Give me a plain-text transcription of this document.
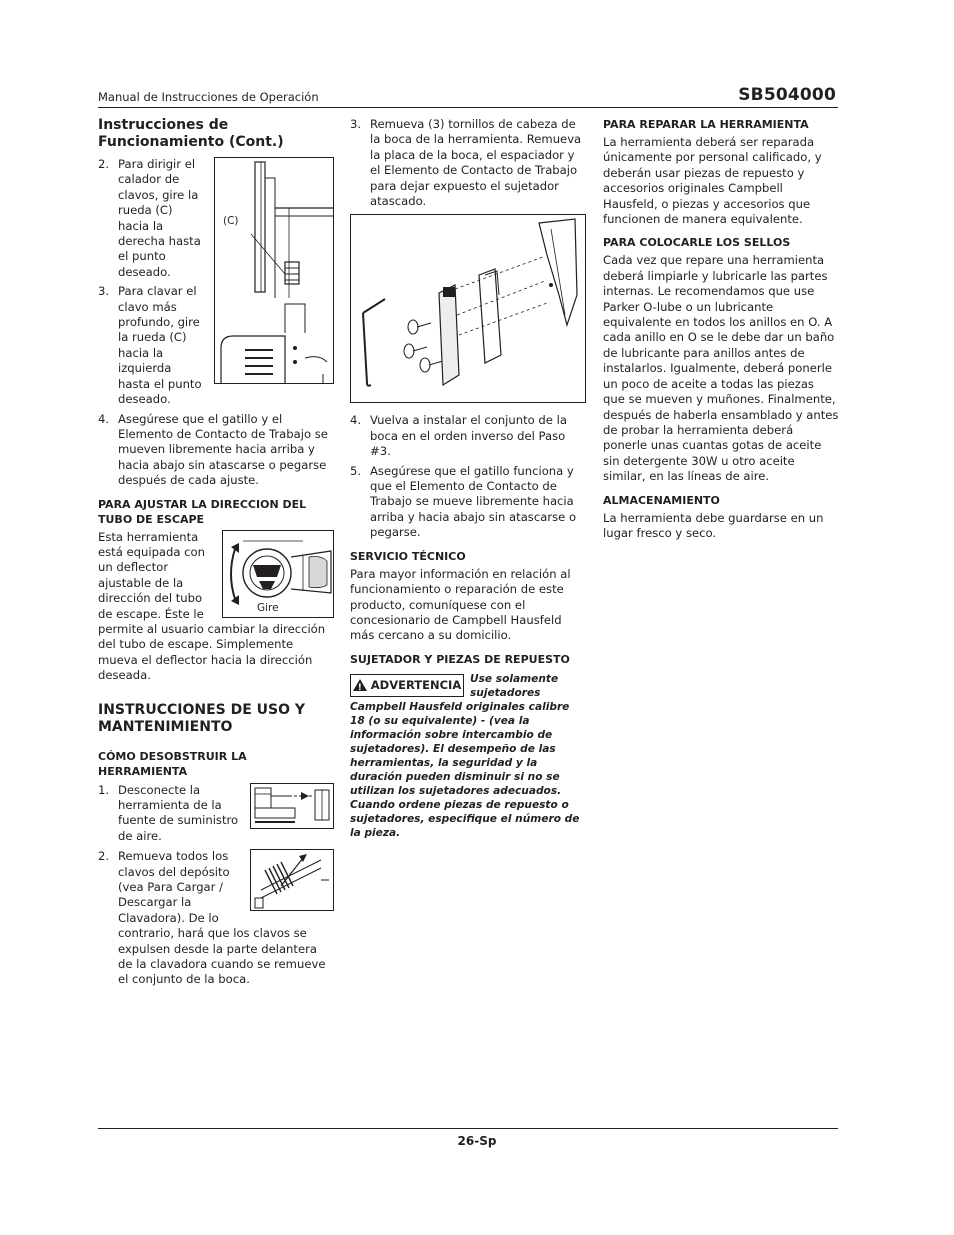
Manual de Instrucciones de Operación	SB504000

Instrucciones de Funcionamiento (Cont.)

(C)
2. Para dirigir el calador de clavos, gire la rueda (C) hacia la derecha hasta el punto deseado.
3. Para clavar el clavo más profundo, gire la rueda (C) hacia la izquierda hasta el punto deseado.
4. Asegúrese que el gatillo y el Elemento de Contacto de Trabajo se mueven libremente hacia arriba y hacia abajo sin atascarse o pegarse después de cada ajuste.

PARA AJUSTAR LA DIRECCION DEL TUBO DE ESCAPE

Gire

Esta herramienta está equipada con un deflector ajustable de la dirección del tubo de escape. Éste le permite al usuario cambiar la dirección del tubo de escape. Simplemente mueva el deflector hacia la dirección deseada.

INSTRUCCIONES DE USO Y MANTENIMIENTO

CÓMO DESOBSTRUIR LA HERRAMIENTA

1. Desconecte la herramienta de la fuente de suministro de aire.
2. Remueva todos los clavos del depósito (vea Para Cargar / Descargar la Clavadora). De lo contrario, hará que los clavos se expulsen desde la parte delantera de la clavadora cuando se remueve el conjunto de la boca.
3. Remueva (3) tornillos de cabeza de la boca de la herramienta. Remueva la placa de la boca, el espaciador y el Elemento de Contacto de Trabajo para dejar expuesto el sujetador atascado.
4. Vuelva a instalar el conjunto de la boca en el orden inverso del Paso #3.
5. Asegúrese que el gatillo funciona y que el Elemento de Contacto de Trabajo se mueve libremente hacia arriba y hacia abajo sin atascarse o pegarse.

SERVICIO TÉCNICO

Para mayor información en relación al funcionamiento o reparación de este producto, comuníquese con el concesionario de Campbell Hausfeld más cercano a su domicilio.

SUJETADOR Y PIEZAS DE REPUESTO

! ADVERTENCIA Use solamente sujetadores Campbell Hausfeld originales calibre 18 (o su equivalente) - (vea la información sobre intercambio de sujetadores). El desempeño de las herramientas, la seguridad y la duración pueden disminuir si no se utilizan los sujetadores adecuados. Cuando ordene piezas de repuesto o sujetadores, especifique el número de la pieza.

PARA REPARAR LA HERRAMIENTA

La herramienta deberá ser reparada únicamente por personal calificado, y deberán usar piezas de repuesto y accesorios originales Campbell Hausfeld, o piezas y accesorios que funcionen de manera equivalente.

PARA COLOCARLE LOS SELLOS

Cada vez que repare una herramienta deberá limpiarle y lubricarle las partes internas. Le recomendamos que use Parker O-lube o un lubricante equivalente en todos los anillos en O. A cada anillo en O se le debe dar un baño de lubricante para anillos antes de instalarlos. Igualmente, deberá ponerle un poco de aceite a todas las piezas que se mueven y muñones. Finalmente, después de haberla ensamblado y antes de probar la herramienta deberá ponerle unas cuantas gotas de aceite sin detergente 30W u otro aceite similar, en las líneas de aire.

ALMACENAMIENTO

La herramienta debe guardarse en un lugar fresco y seco.

26-Sp
